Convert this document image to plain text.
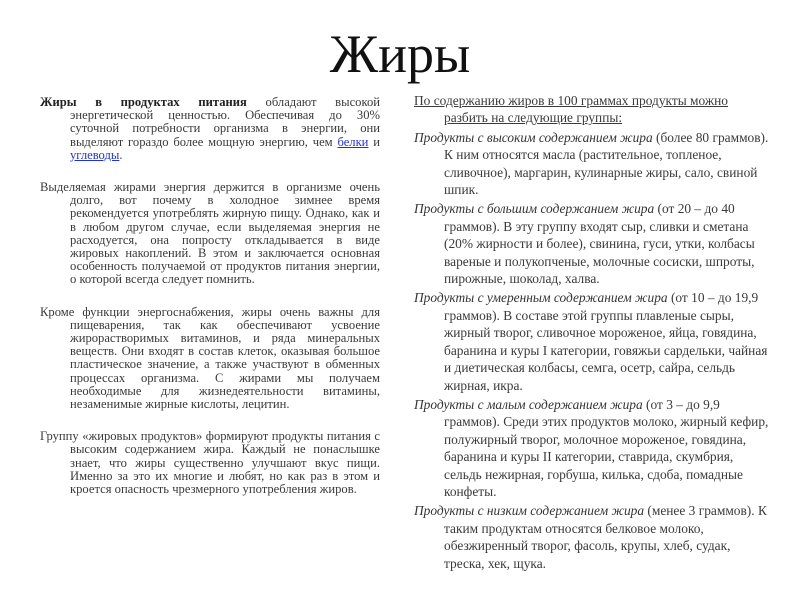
Жиры

Жиры в продуктах питания обладают высокой энергетической ценностью. Обеспечивая до 30% суточной потребности организма в энергии, они выделяют гораздо более мощную энергию, чем белки и углеводы.

Выделяемая жирами энергия держится в организме очень долго, вот почему в холодное зимнее время рекомендуется употреблять жирную пищу. Однако, как и в любом другом случае, если выделяемая энергия не расходуется, она попросту откладывается в виде жировых накоплений. В этом и заключается основная особенность получаемой от продуктов питания энергии, о которой всегда следует помнить.

Кроме функции энергоснабжения, жиры очень важны для пищеварения, так как обеспечивают усвоение жирорастворимых витаминов, и ряда минеральных веществ. Они входят в состав клеток, оказывая большое пластическое значение, а также участвуют в обменных процессах организма. С жирами мы получаем необходимые для жизнедеятельности витамины, незаменимые жирные кислоты, лецитин.

Группу «жировых продуктов» формируют продукты питания с высоким содержанием жира. Каждый не понаслышке знает, что жиры существенно улучшают вкус пищи. Именно за это их многие и любят, но как раз в этом и кроется опасность чрезмерного употребления жиров.

По содержанию жиров в 100 граммах продукты можно разбить на следующие группы:

Продукты с высоким содержанием жира (более 80 граммов). К ним относятся масла (растительное, топленое, сливочное), маргарин, кулинарные жиры, сало, свиной шпик.

Продукты с большим содержанием жира (от 20 – до 40 граммов). В эту группу входят сыр, сливки и сметана (20% жирности и более), свинина, гуси, утки, колбасы вареные и полукопченые, молочные сосиски, шпроты, пирожные, шоколад, халва.

Продукты с умеренным содержанием жира (от 10 – до 19,9 граммов). В составе этой группы плавленые сыры, жирный творог, сливочное мороженое, яйца, говядина, баранина и куры I категории, говяжьи сардельки, чайная и диетическая колбасы, семга, осетр, сайра, сельдь жирная, икра.

Продукты с малым содержанием жира (от 3 – до 9,9 граммов). Среди этих продуктов молоко, жирный кефир, полужирный творог, молочное мороженое, говядина, баранина и куры II категории, ставрида, скумбрия, сельдь нежирная, горбуша, килька, сдоба, помадные конфеты.

Продукты с низким содержанием жира (менее 3 граммов). К таким продуктам относятся белковое молоко, обезжиренный творог, фасоль, крупы, хлеб, судак, треска, хек, щука.
